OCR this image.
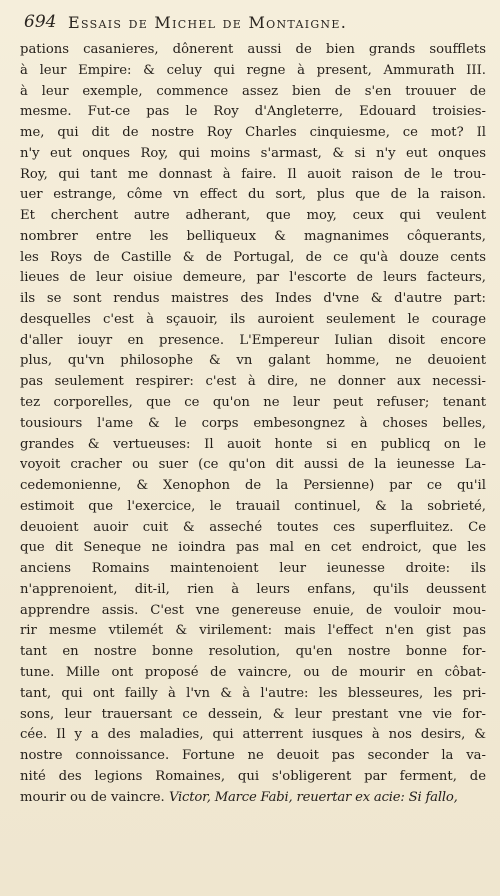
694 Essais de Michel de Montaigne.
pations casanieres, dônerent aussi de bien grands soufflets
à leur Empire: & celuy qui regne à present, Ammurath III.
à leur exemple, commence assez bien de s'en trouuer de
mesme. Fut-ce pas le Roy d'Angleterre, Edouard troisies-
me, qui dit de nostre Roy Charles cinquiesme, ce mot? Il
n'y eut onques Roy, qui moins s'armast, & si n'y eut onques
Roy, qui tant me donnast à faire. Il auoit raison de le trou-
uer estrange, côme vn effect du sort, plus que de la raison.
Et cherchent autre adherant, que moy, ceux qui veulent
nombrer entre les belliqueux & magnanimes côquerants,
les Roys de Castille & de Portugal, de ce qu'à douze cents
lieues de leur oisiue demeure, par l'escorte de leurs facteurs,
ils se sont rendus maistres des Indes d'vne & d'autre part:
desquelles c'est à sçauoir, ils auroient seulement le courage
d'aller iouyr en presence. L'Empereur Iulian disoit encore
plus, qu'vn philosophe & vn galant homme, ne deuoient
pas seulement respirer: c'est à dire, ne donner aux necessi-
tez corporelles, que ce qu'on ne leur peut refuser; tenant
tousiours l'ame & le corps embesongnez à choses belles,
grandes & vertueuses: Il auoit honte si en publicq on le
voyoit cracher ou suer (ce qu'on dit aussi de la ieunesse La-
cedemonienne, & Xenophon de la Persienne) par ce qu'il
estimoit que l'exercice, le trauail continuel, & la sobrieté,
deuoient auoir cuit & asseché toutes ces superfluitez. Ce
que dit Seneque ne ioindra pas mal en cet endroict, que les
anciens Romains maintenoient leur ieunesse droite: ils
n'apprenoient, dit-il, rien à leurs enfans, qu'ils deussent
apprendre assis. C'est vne genereuse enuie, de vouloir mou-
rir mesme vtilemét & virilement: mais l'effect n'en gist pas
tant en nostre bonne resolution, qu'en nostre bonne for-
tune. Mille ont proposé de vaincre, ou de mourir en côbat-
tant, qui ont failly à l'vn & à l'autre: les blesseures, les pri-
sons, leur trauersant ce dessein, & leur prestant vne vie for-
cée. Il y a des maladies, qui atterrent iusques à nos desirs, &
nostre connoissance. Fortune ne deuoit pas seconder la va-
nité des legions Romaines, qui s'obligerent par ferment, de
mourir ou de vaincre. Victor, Marce Fabi, reuertar ex acie: Si fallo,
